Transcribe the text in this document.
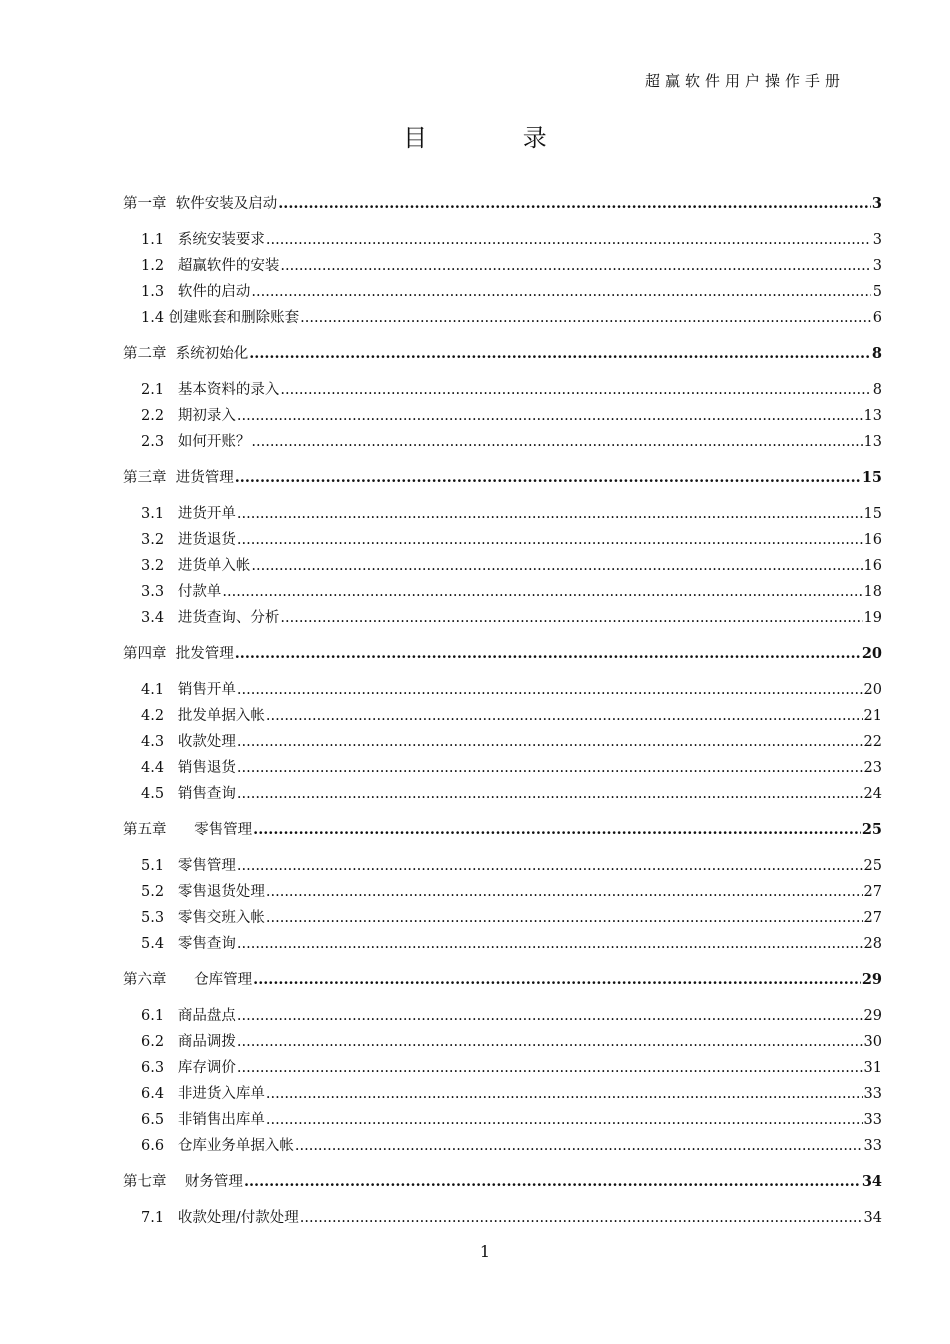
超赢软件用户操作手册
目 录
第一章  软件安装及启动 .....	3
1.1   系统安装要求 .....	3
1.2   超赢软件的安装 .....	3
1.3   软件的启动 .....	5
1.4 创建账套和删除账套 .....	6
第二章  系统初始化 .....	8
2.1   基本资料的录入 .....	8
2.2   期初录入 .....	13
2.3   如何开账？ .....	13
第三章  进货管理 .....	15
3.1   进货开单 .....	15
3.2   进货退货 .....	16
3.2   进货单入帐 .....	16
3.3   付款单 .....	18
3.4   进货查询、分析 .....	19
第四章  批发管理 .....	20
4.1   销售开单 .....	20
4.2   批发单据入帐 .....	21
4.3   收款处理 .....	22
4.4   销售退货 .....	23
4.5   销售查询 .....	24
第五章      零售管理 .....	25
5.1   零售管理 .....	25
5.2   零售退货处理 .....	27
5.3   零售交班入帐 .....	27
5.4   零售查询 .....	28
第六章      仓库管理 .....	29
6.1   商品盘点 .....	29
6.2   商品调拨 .....	30
6.3   库存调价 .....	31
6.4   非进货入库单 .....	33
6.5   非销售出库单 .....	33
6.6   仓库业务单据入帐 .....	33
第七章    财务管理 .....	34
7.1   收款处理/付款处理 .....	34
1
